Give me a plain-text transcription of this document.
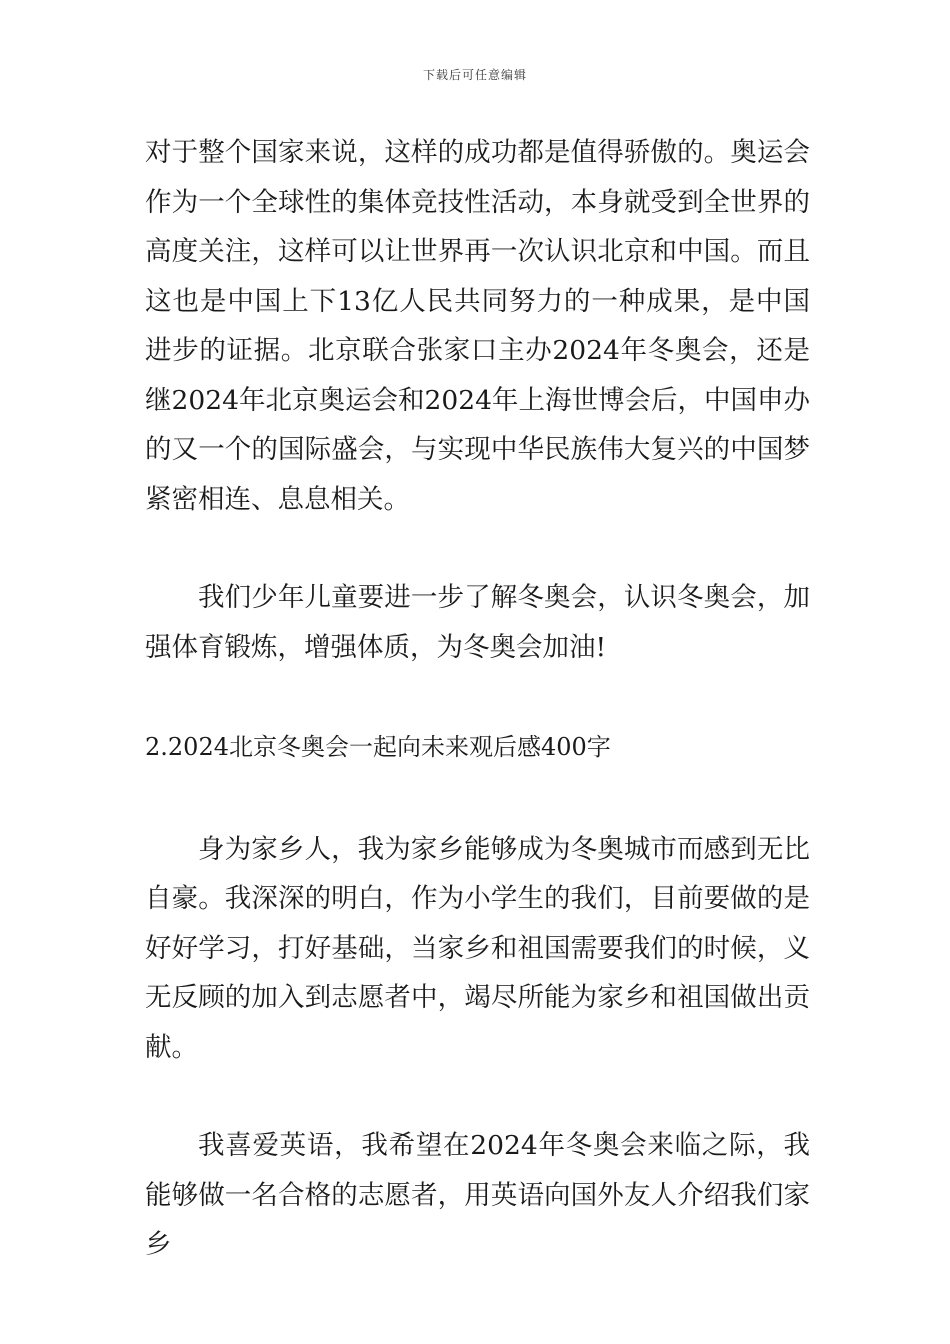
下载后可任意编辑

对于整个国家来说，这样的成功都是值得骄傲的。奥运会作为一个全球性的集体竞技性活动，本身就受到全世界的高度关注，这样可以让世界再一次认识北京和中国。而且这也是中国上下13亿人民共同努力的一种成果，是中国进步的证据。北京联合张家口主办2024年冬奥会，还是继2024年北京奥运会和2024年上海世博会后，中国申办的又一个的国际盛会，与实现中华民族伟大复兴的中国梦紧密相连、息息相关。

我们少年儿童要进一步了解冬奥会，认识冬奥会，加强体育锻炼，增强体质，为冬奥会加油!

2.2024北京冬奥会一起向未来观后感400字

身为家乡人，我为家乡能够成为冬奥城市而感到无比自豪。我深深的明白，作为小学生的我们，目前要做的是好好学习，打好基础，当家乡和祖国需要我们的时候，义无反顾的加入到志愿者中，竭尽所能为家乡和祖国做出贡献。

我喜爱英语，我希望在2024年冬奥会来临之际，我能够做一名合格的志愿者，用英语向国外友人介绍我们家乡
